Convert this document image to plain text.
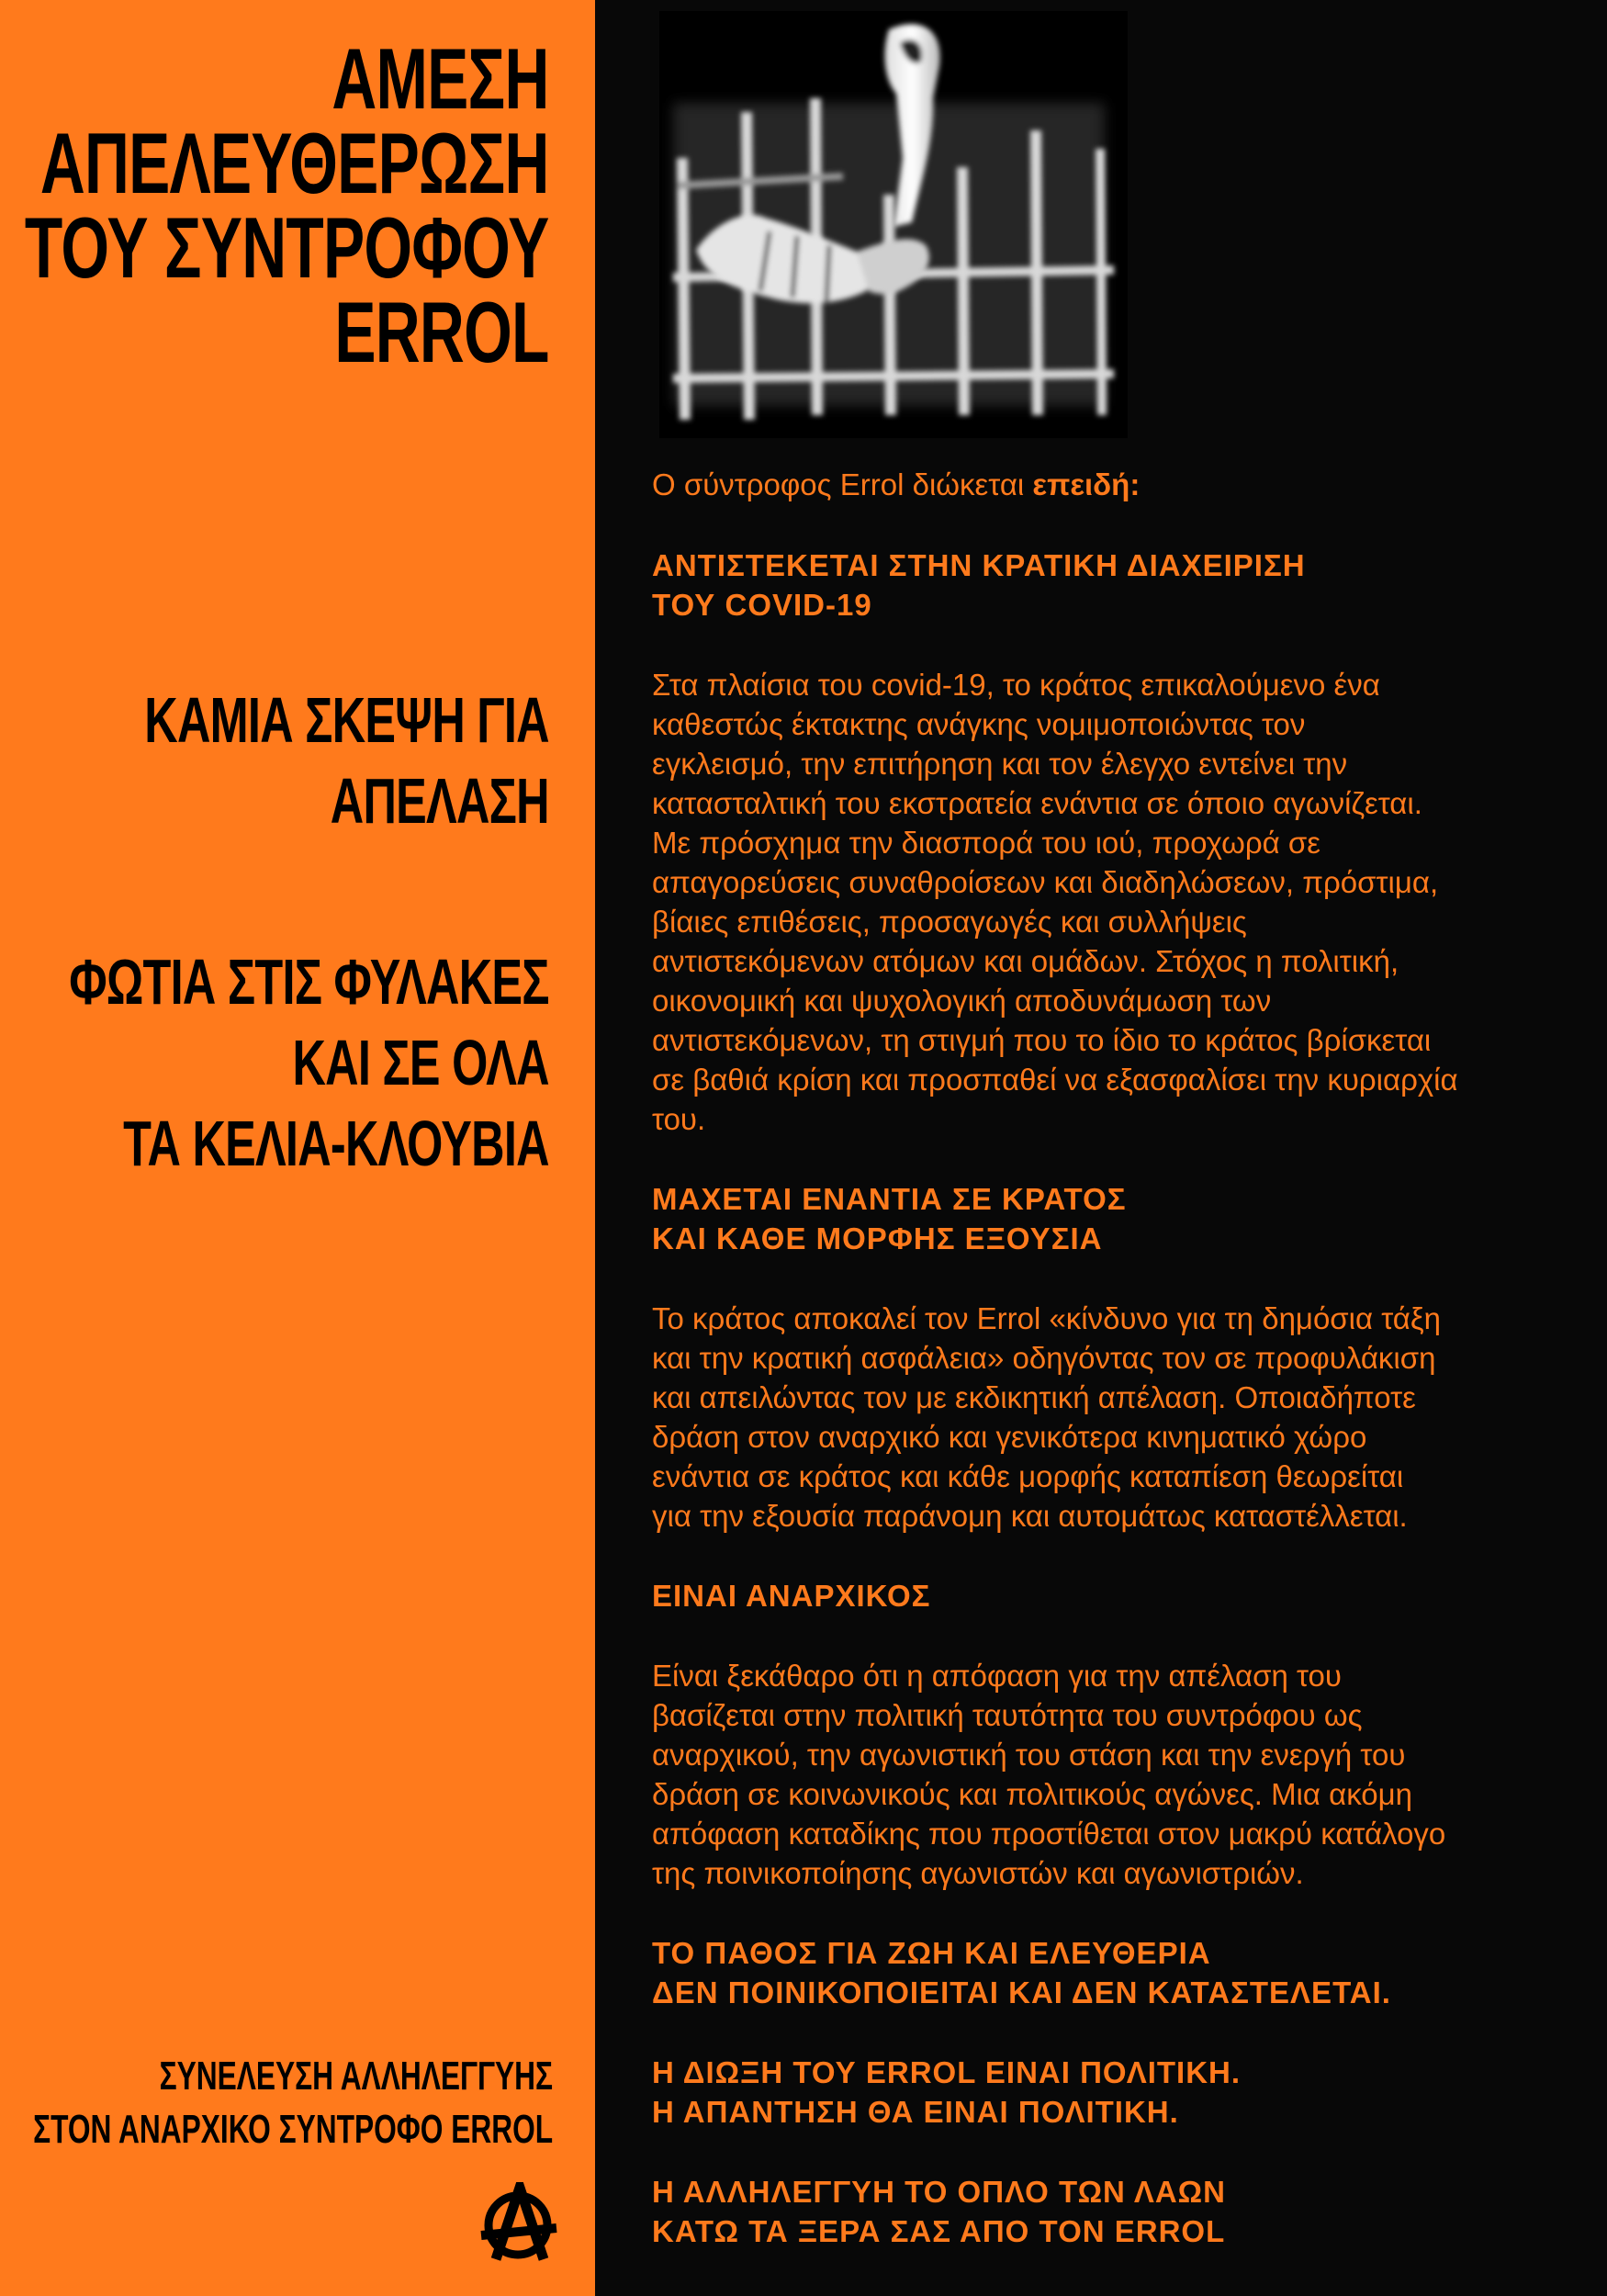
ΑΜΕΣΗ
ΑΠΕΛΕΥΘΕΡΩΣΗ
ΤΟΥ ΣΥΝΤΡΟΦΟΥ
ERROL
ΚΑΜΙΑ ΣΚΕΨΗ ΓΙΑ
ΑΠΕΛΑΣΗ
ΦΩΤΙΑ ΣΤΙΣ ΦΥΛΑΚΕΣ
ΚΑΙ ΣΕ ΟΛΑ
ΤΑ ΚΕΛΙΑ-ΚΛΟΥΒΙΑ
ΣΥΝΕΛΕΥΣΗ ΑΛΛΗΛΕΓΓΥΗΣ
ΣΤΟΝ ΑΝΑΡΧΙΚΟ ΣΥΝΤΡΟΦΟ ERROL

Ο σύντροφος Errol διώκεται επειδή:

ΑΝΤΙΣΤΕΚΕΤΑΙ ΣΤΗΝ ΚΡΑΤΙΚΗ ΔΙΑΧΕΙΡΙΣΗ
ΤΟΥ COVID-19

Στα πλαίσια του covid-19, το κράτος επικαλούμενο ένα
καθεστώς έκτακτης ανάγκης νομιμοποιώντας τον
εγκλεισμό, την επιτήρηση και τον έλεγχο εντείνει την
κατασταλτική του εκστρατεία ενάντια σε όποιο αγωνίζεται.
Με πρόσχημα την διασπορά του ιού, προχωρά σε
απαγορεύσεις συναθροίσεων και διαδηλώσεων, πρόστιμα,
βίαιες επιθέσεις, προσαγωγές και συλλήψεις
αντιστεκόμενων ατόμων και ομάδων. Στόχος η πολιτική,
οικονομική και ψυχολογική αποδυνάμωση των
αντιστεκόμενων, τη στιγμή που το ίδιο το κράτος βρίσκεται
σε βαθιά κρίση και προσπαθεί να εξασφαλίσει την κυριαρχία
του.

ΜΑΧΕΤΑΙ ΕΝΑΝΤΙΑ ΣΕ ΚΡΑΤΟΣ
ΚΑΙ ΚΑΘΕ ΜΟΡΦΗΣ ΕΞΟΥΣΙΑ

Το κράτος αποκαλεί τον Errol «κίνδυνο για τη δημόσια τάξη
και την κρατική ασφάλεια» οδηγόντας τον σε προφυλάκιση
και απειλώντας τον με εκδικητική απέλαση. Οποιαδήποτε
δράση στον αναρχικό και γενικότερα κινηματικό χώρο
ενάντια σε κράτος και κάθε μορφής καταπίεση θεωρείται
για την εξουσία παράνομη και αυτομάτως καταστέλλεται.

ΕΙΝΑΙ ΑΝΑΡΧΙΚΟΣ

Είναι ξεκάθαρο ότι η απόφαση για την απέλαση του
βασίζεται στην πολιτική ταυτότητα του συντρόφου ως
αναρχικού, την αγωνιστική του στάση και την ενεργή του
δράση σε κοινωνικούς και πολιτικούς αγώνες. Μια ακόμη
απόφαση καταδίκης που προστίθεται στον μακρύ κατάλογο
της ποινικοποίησης αγωνιστών και αγωνιστριών.

ΤΟ ΠΑΘΟΣ ΓΙΑ ΖΩΗ ΚΑΙ ΕΛΕΥΘΕΡΙΑ
ΔΕΝ ΠΟΙΝΙΚΟΠΟΙΕΙΤΑΙ ΚΑΙ ΔΕΝ ΚΑΤΑΣΤΕΛΕΤΑΙ.

Η ΔΙΩΞΗ ΤΟΥ ERROL ΕΙΝΑΙ ΠΟΛΙΤΙΚΗ.
Η ΑΠΑΝΤΗΣΗ ΘΑ ΕΙΝΑΙ ΠΟΛΙΤΙΚΗ.

Η ΑΛΛΗΛΕΓΓΥΗ ΤΟ ΟΠΛΟ ΤΩΝ ΛΑΩΝ
ΚΑΤΩ ΤΑ ΞΕΡΑ ΣΑΣ ΑΠΟ ΤΟΝ ERROL
